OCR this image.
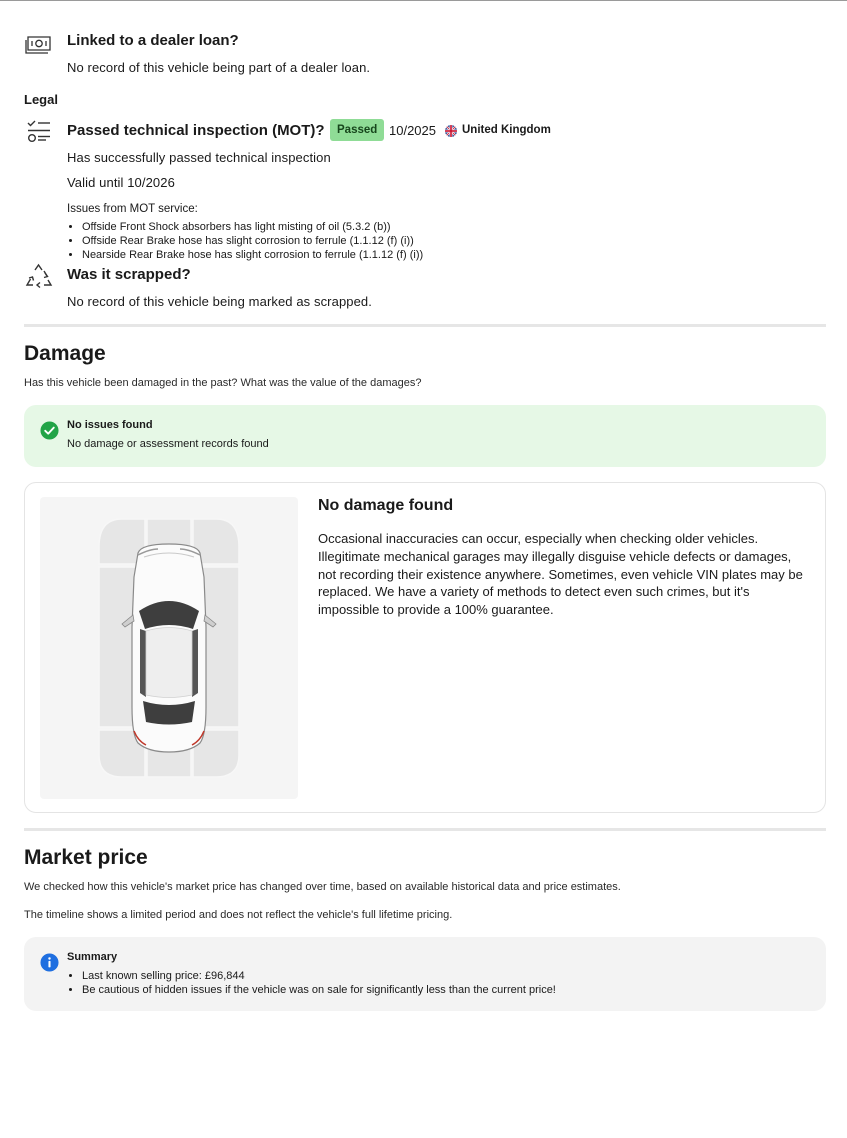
Linked to a dealer loan?
No record of this vehicle being part of a dealer loan.
Legal
Passed technical inspection (MOT)?	Passed 10/2025 United Kingdom
Has successfully passed technical inspection
Valid until 10/2026
Issues from MOT service:
• Offside Front Shock absorbers has light misting of oil (5.3.2 (b))
• Offside Rear Brake hose has slight corrosion to ferrule (1.1.12 (f) (i))
• Nearside Rear Brake hose has slight corrosion to ferrule (1.1.12 (f) (i))
Was it scrapped?
No record of this vehicle being marked as scrapped.
Damage
Has this vehicle been damaged in the past? What was the value of the damages?
No issues found
No damage or assessment records found
No damage found
Occasional inaccuracies can occur, especially when checking older vehicles. Illegitimate mechanical garages may illegally disguise vehicle defects or damages, not recording their existence anywhere. Sometimes, even vehicle VIN plates may be replaced. We have a variety of methods to detect even such crimes, but it's impossible to provide a 100% guarantee.
Market price
We checked how this vehicle's market price has changed over time, based on available historical data and price estimates.
The timeline shows a limited period and does not reflect the vehicle's full lifetime pricing.
Summary
• Last known selling price: £96,844
• Be cautious of hidden issues if the vehicle was on sale for significantly less than the current price!
